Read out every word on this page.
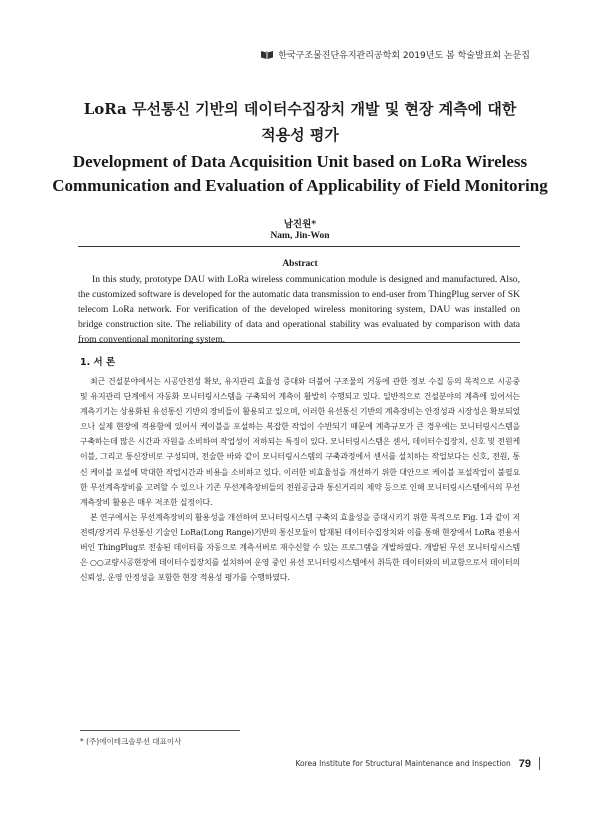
한국구조물진단유지관리공학회 2019년도 봄 학술발표회 논문집
LoRa 무선통신 기반의 데이터수집장치 개발 및 현장 계측에 대한
적용성 평가
Development of Data Acquisition Unit based on LoRa Wireless
Communication and Evaluation of Applicability of Field Monitoring
남진원*
Nam, Jin-Won
Abstract

In this study, prototype DAU with LoRa wireless communication module is designed and manufactured. Also, the customized software is developed for the automatic data transmission to end-user from ThingPlug server of SK telecom LoRa network. For verification of the developed wireless monitoring system, DAU was installed on bridge construction site. The reliability of data and operational stability was evaluated by comparison with data from conventional monitoring system.

1. 서 론

최근 건설분야에서는 시공안전성 확보, 유지관리 효율성 증대와 더불어 구조물의 거동에 관한 정보 수집 등의 목적으로 시공중 및 유지관리 단계에서 자동화 모니터링시스템을 구축되어 계측이 활발히 수행되고 있다. 일반적으로 건설분야의 계측에 있어서는 계측기기는 상용화된 유선통신 기반의 장비들이 활용되고 있으며, 이러한 유선통신 기반의 계측장비는 안정성과 시장성은 확보되었으나 실제 현장에 적용함에 있어서 케이블을 포설하는 복잡한 작업이 수반되기 때문에 계측규모가 큰 경우에는 모니터링시스템을 구축하는데 많은 시간과 자원을 소비하여 작업성이 저하되는 특징이 있다. 모니터링시스템은 센서, 데이터수집장치, 신호 및 전원케이블, 그리고 통신장비로 구성되며, 전술한 바와 같이 모니터링시스템의 구축과정에서 센서를 설치하는 작업보다는 신호, 전원, 통신 케이블 포설에 막대한 작업시간과 비용을 소비하고 있다. 이러한 비효율성을 개선하기 위한 대안으로 케이블 포설작업이 불필요한 무선계측장비를 고려할 수 있으나 기존 무선계측장비들의 전원공급과 통신거리의 제약 등으로 인해 모니터링시스템에서의 무선계측장비 활용은 매우 저조한 실정이다.

본 연구에서는 무선계측장비의 활용성을 개선하여 모니터링시스템 구축의 효율성을 증대시키기 위한 목적으로 Fig. 1과 같이 저전력/장거리 무선통신 기술인 LoRa(Long Range)기반의 통신모듈이 탑재된 데이터수집장치와 이를 통해 현장에서 LoRa 전용서버인 ThingPlug로 전송된 데이터를 자동으로 계측서버로 재수신할 수 있는 프로그램을 개발하였다. 개발된 무선 모니터링시스템은 ○○교량시공현장에 데이터수집장치를 설치하여 운영 중인 유선 모니터링시스템에서 취득한 데이터와의 비교함으로서 데이터의 신뢰성, 운영 안정성을 포함한 현장 적용성 평가를 수행하였다.

* (주)에이테크솔루션 대표이사
Korea Institute for Structural Maintenance and Inspection 79
